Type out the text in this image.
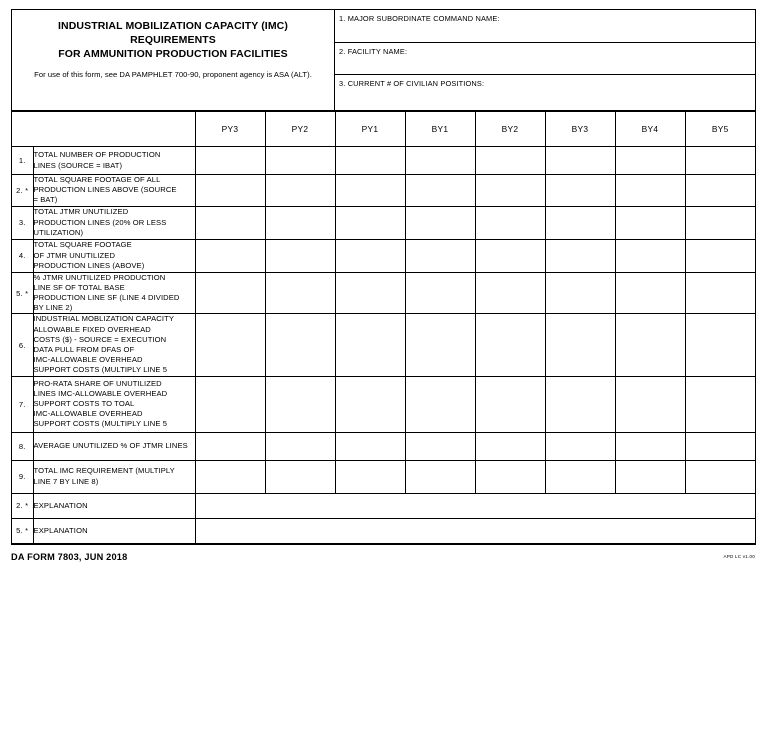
INDUSTRIAL MOBILIZATION CAPACITY (IMC) REQUIREMENTS
FOR AMMUNITION PRODUCTION FACILITIES
For use of this form, see DA PAMPHLET 700-90, proponent agency is ASA (ALT).
1. MAJOR SUBORDINATE COMMAND NAME:
2. FACILITY NAME:
3. CURRENT # OF CIVILIAN POSITIONS:
		PY3	PY2	PY1	BY1	BY2	BY3	BY4	BY5
1.	TOTAL NUMBER OF PRODUCTION
LINES (SOURCE = IBAT)								

2. *	TOTAL SQUARE FOOTAGE OF ALL
PRODUCTION LINES ABOVE (SOURCE
= BAT)								

3.	TOTAL JTMR UNUTILIZED
PRODUCTION LINES (20% OR LESS
UTILIZATION)								

4.	TOTAL SQUARE FOOTAGE
OF JTMR UNUTILIZED
PRODUCTION LINES (ABOVE)								

5. *	% JTMR UNUTILIZED PRODUCTION
LINE SF OF TOTAL BASE
PRODUCTION LINE SF (LINE 4 DIVIDED
BY LINE 2)								

6.	
INDUSTRIAL MOBLIZATION CAPACITY
ALLOWABLE FIXED OVERHEAD
COSTS ($) - SOURCE = EXECUTION
DATA PULL FROM DFAS OF
IMC-ALLOWABLE OVERHEAD
SUPPORT COSTS (MULTIPLY LINE 5

7.	PRO-RATA SHARE OF UNUTILIZED
LINES IMC-ALLOWABLE OVERHEAD
SUPPORT COSTS TO TOAL
IMC-ALLOWABLE OVERHEAD
SUPPORT COSTS (MULTIPLY LINE 5								

8.	AVERAGE UNUTILIZED % OF JTMR LINES								

9.	TOTAL IMC REQUIREMENT (MULTIPLY
LINE 7 BY LINE 8)								

2. *	EXPLANATION								
5. *	EXPLANATION								
DA FORM 7803, JUN 2018	APD LC v1.00
